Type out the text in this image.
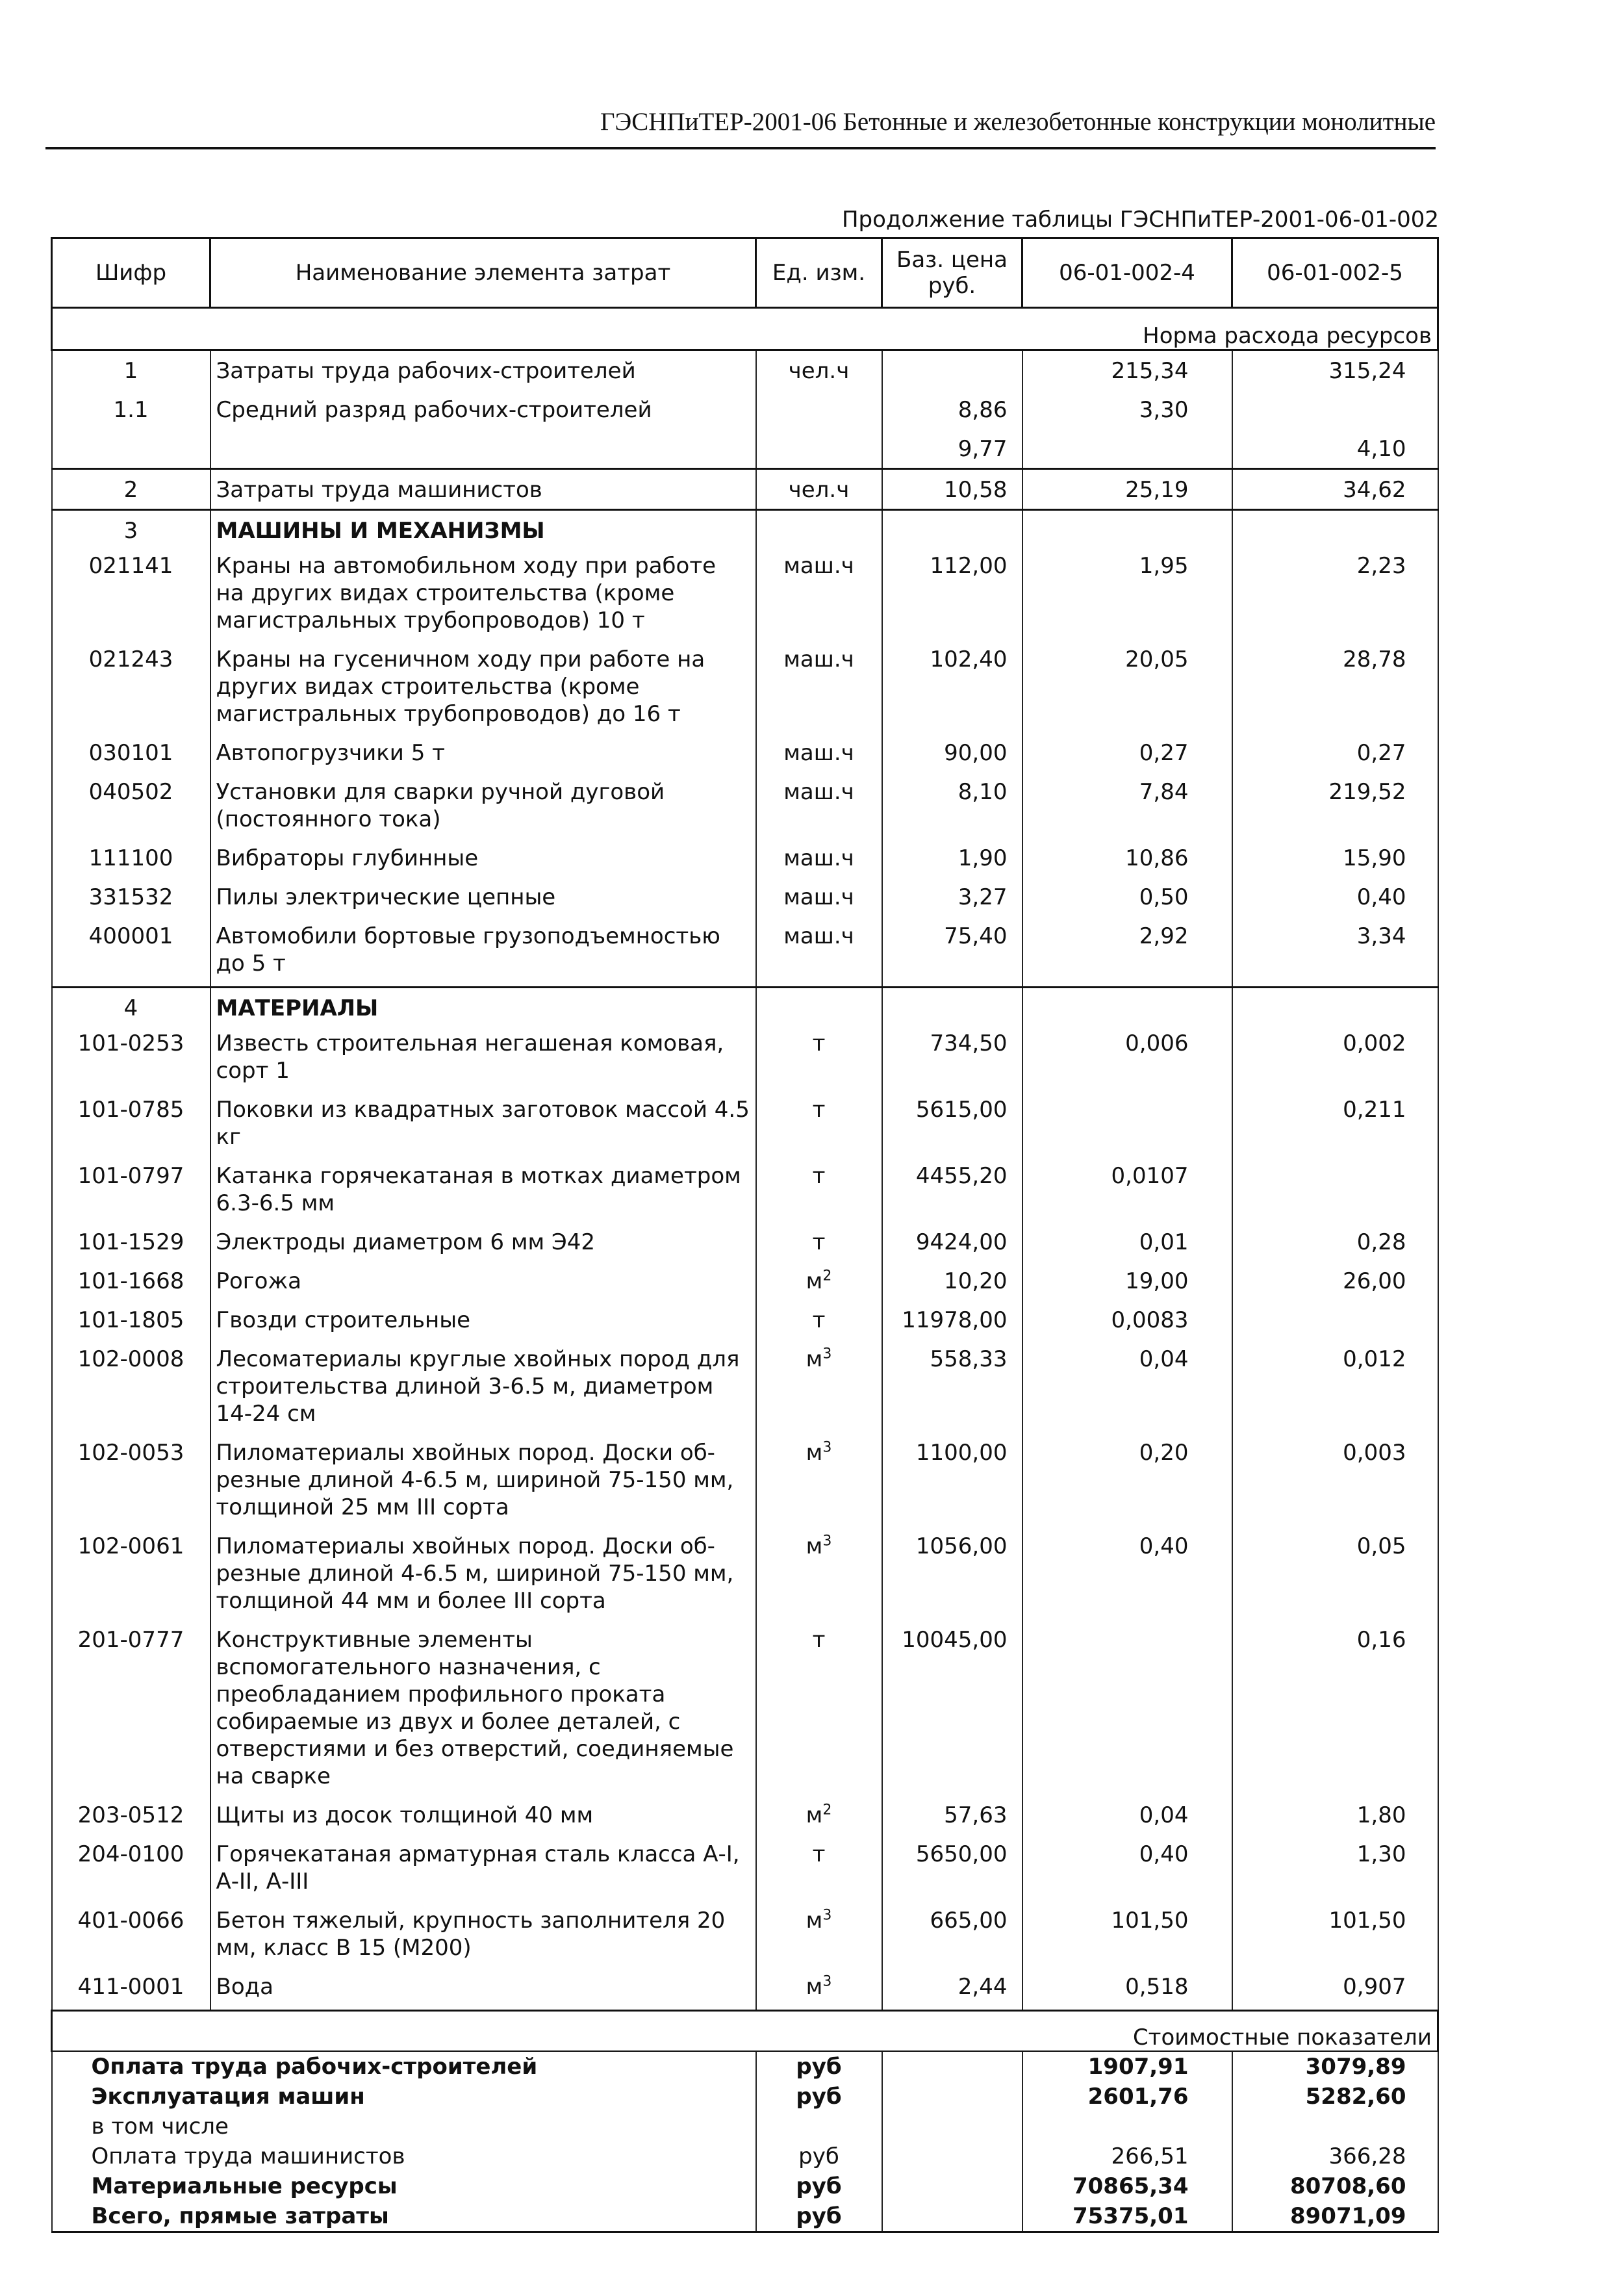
ГЭСНПиТЕР-2001-06 Бетонные и железобетонные конструкции монолитные
Продолжение таблицы ГЭСНПиТЕР-2001-06-01-002
Шифр	Наименование элемента затрат	Ед. изм.	Баз. цена руб.	06-01-002-4	06-01-002-5
Норма расхода ресурсов					
1	Затраты труда рабочих-строителей	чел.ч		215,34	315,24
1.1	Средний разряд рабочих-строителей		8,86	3,30	
			9,77		4,10
2	Затраты труда машинистов	чел.ч	10,58	25,19	34,62
3	МАШИНЫ И МЕХАНИЗМЫ				
021141	Краны на автомобильном ходу при работе на других видах строительства (кроме магистральных трубопроводов) 10 т	маш.ч	112,00	1,95	2,23
021243	Краны на гусеничном ходу при работе на других видах строительства (кроме магистральных трубопроводов) до 16 т	маш.ч	102,40	20,05	28,78
030101	Автопогрузчики 5 т	маш.ч	90,00	0,27	0,27
040502	Установки для сварки ручной дуговой (постоянного тока)	маш.ч	8,10	7,84	219,52
111100	Вибраторы глубинные	маш.ч	1,90	10,86	15,90
331532	Пилы электрические цепные	маш.ч	3,27	0,50	0,40
400001	Автомобили бортовые грузоподъемностью до 5 т	маш.ч	75,40	2,92	3,34
4	МАТЕРИАЛЫ				
101-0253	Известь строительная негашеная комовая, сорт 1	т	734,50	0,006	0,002
101-0785	Поковки из квадратных заготовок массой 4.5 кг	т	5615,00		0,211
101-0797	Катанка горячекатаная в мотках диаметром 6.3-6.5 мм	т	4455,20	0,0107	
101-1529	Электроды диаметром 6 мм Э42	т	9424,00	0,01	0,28
101-1668	Рогожа	$м^2$	10,20	19,00	26,00
101-1805	Гвозди строительные	т	11978,00	0,0083	
102-0008	Лесоматериалы круглые хвойных пород для строительства длиной 3-6.5 м, диаметром 14-24 см	$м^3$	558,33	0,04	0,012
102-0053	Пиломатериалы хвойных пород. Доски об-резные длиной 4-6.5 м, шириной 75-150 мм, толщиной 25 мм III сорта	$м^3$	1100,00	0,20	0,003
102-0061	Пиломатериалы хвойных пород. Доски об-резные длиной 4-6.5 м, шириной 75-150 мм, толщиной 44 мм и более III сорта	$м^3$	1056,00	0,40	0,05
201-0777	Конструктивные элементы вспомогательного назначения, с преобладанием профильного проката собираемые из двух и более деталей, с отверстиями и без отверстий, соединяемые на сварке	т	10045,00		0,16
203-0512	Щиты из досок толщиной 40 мм	$м^2$	57,63	0,04	1,80
204-0100	Горячекатаная арматурная сталь класса А-I, А-II, А-III	т	5650,00	0,40	1,30
401-0066	Бетон тяжелый, крупность заполнителя 20 мм, класс В 15 (М200)	$м^3$	665,00	101,50	101,50
411-0001	Вода	$м^3$	2,44	0,518	0,907
Стоимостные показатели					
Оплата труда рабочих-строителей		руб		1907,91	3079,89
Эксплуатация машин		руб		2601,76	5282,60
в том числе					
Оплата труда машинистов		руб		266,51	366,28
Материальные ресурсы		руб		70865,34	80708,60
Всего, прямые затраты		руб		75375,01	89071,09
